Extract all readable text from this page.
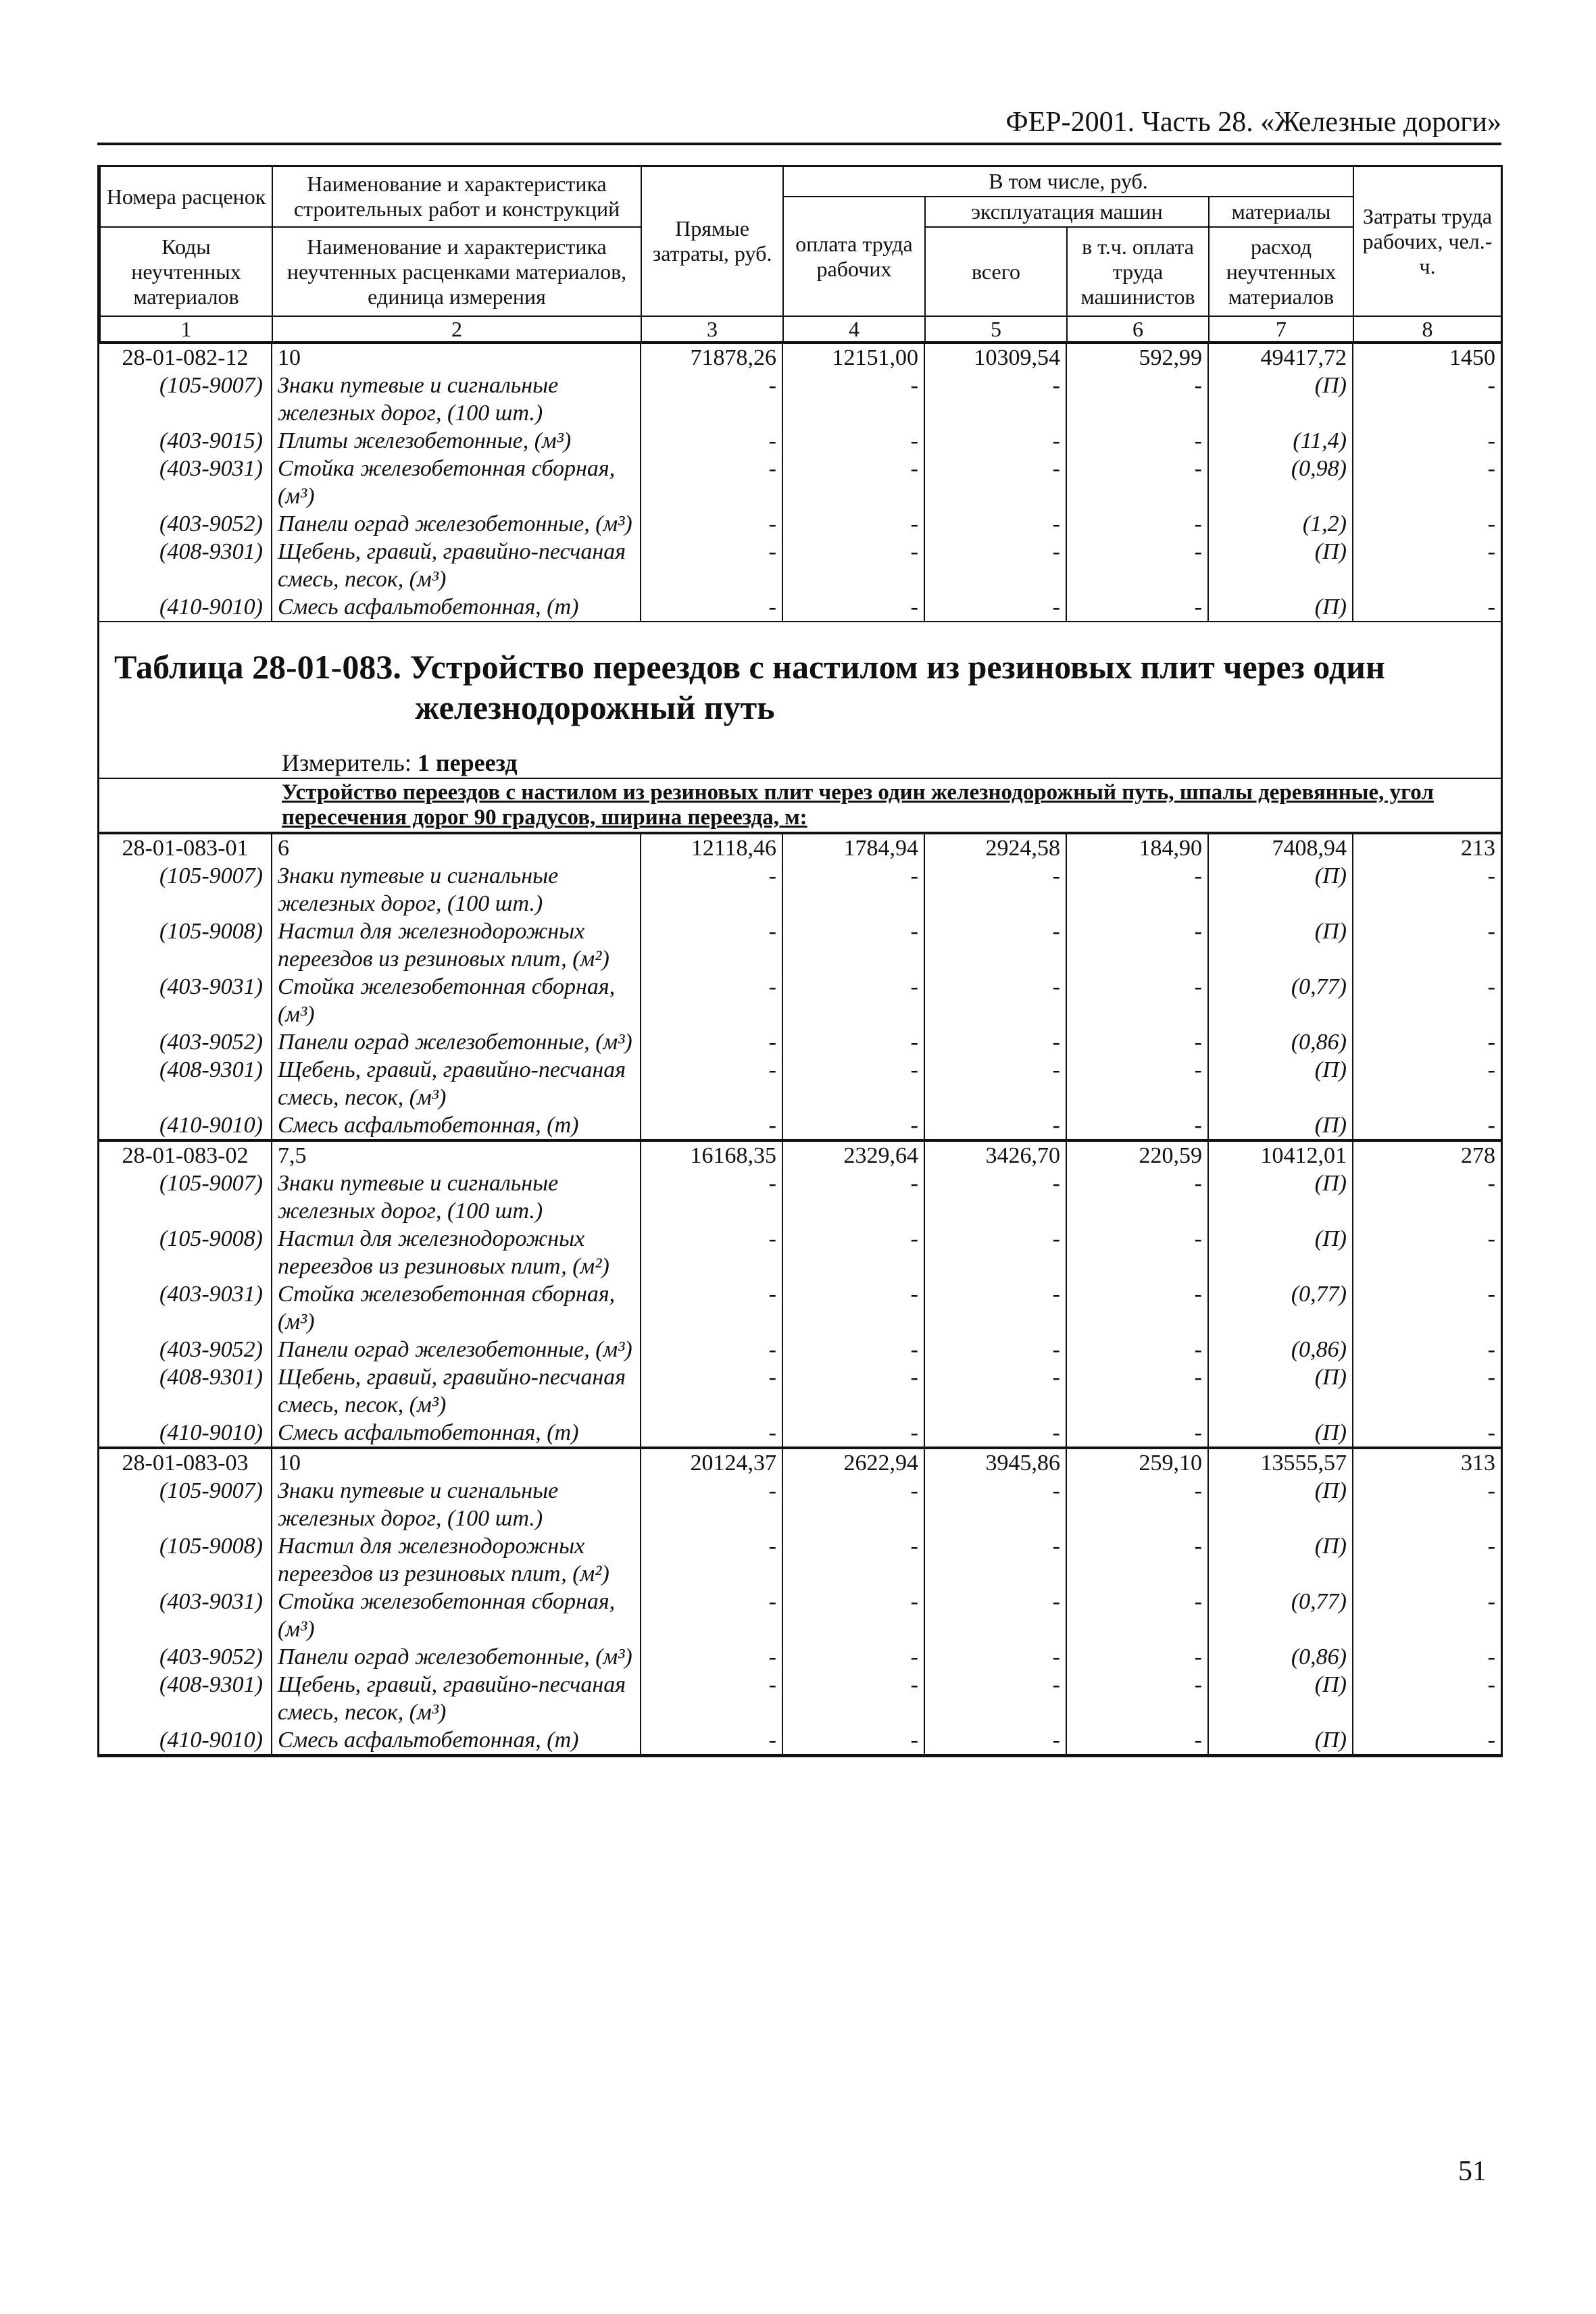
ФЕР-2001. Часть 28. «Железные дороги»
Номера расценок	Наименование и характеристика строительных работ и конструкций	Прямые затраты, руб.	В том числе, руб.				Затраты труда рабочих, чел.-ч.
			оплата труда рабочих	эксплуатация машин		материалы	
Коды неучтенных материалов	Наименование и характеристика неучтенных расценками материалов, единица измерения			всего	в т.ч. оплата труда машинистов	расход неучтенных материалов	

1	2	3	4	5	6	7	8
28-01-082-12	10	71878,26	12151,00	10309,54	592,99	49417,72	1450
(105-9007)	Знаки путевые и сигнальные железных дорог, (100 шт.)	-	-	-	-	(П)	-
(403-9015)	Плиты железобетонные, (м³)	-	-	-	-	(11,4)	-
(403-9031)	Стойка железобетонная сборная, (м³)	-	-	-	-	(0,98)	-
(403-9052)	Панели оград железобетонные, (м³)	-	-	-	-	(1,2)	-
(408-9301)	Щебень, гравий, гравийно-песчаная смесь, песок, (м³)	-	-	-	-	(П)	-
(410-9010)	Смесь асфальтобетонная, (т)	-	-	-	-	(П)	-
Таблица 28-01-083. Устройство переездов с настилом из резиновых плит через один
железнодорожный путь
Измеритель: 1 переезд
Устройство переездов с настилом из резиновых плит через один железнодорожный путь, шпалы деревянные, угол пересечения дорог 90 градусов, ширина переезда, м:
28-01-083-01	6	12118,46	1784,94	2924,58	184,90	7408,94	213
(105-9007)	Знаки путевые и сигнальные железных дорог, (100 шт.)	-	-	-	-	(П)	-
(105-9008)	Настил для железнодорожных переездов из резиновых плит, (м²)	-	-	-	-	(П)	-
(403-9031)	Стойка железобетонная сборная, (м³)	-	-	-	-	(0,77)	-
(403-9052)	Панели оград железобетонные, (м³)	-	-	-	-	(0,86)	-
(408-9301)	Щебень, гравий, гравийно-песчаная смесь, песок, (м³)	-	-	-	-	(П)	-
(410-9010)	Смесь асфальтобетонная, (т)	-	-	-	-	(П)	-
28-01-083-02	7,5	16168,35	2329,64	3426,70	220,59	10412,01	278
(105-9007)	Знаки путевые и сигнальные железных дорог, (100 шт.)	-	-	-	-	(П)	-
(105-9008)	Настил для железнодорожных переездов из резиновых плит, (м²)	-	-	-	-	(П)	-
(403-9031)	Стойка железобетонная сборная, (м³)	-	-	-	-	(0,77)	-
(403-9052)	Панели оград железобетонные, (м³)	-	-	-	-	(0,86)	-
(408-9301)	Щебень, гравий, гравийно-песчаная смесь, песок, (м³)	-	-	-	-	(П)	-
(410-9010)	Смесь асфальтобетонная, (т)	-	-	-	-	(П)	-
28-01-083-03	10	20124,37	2622,94	3945,86	259,10	13555,57	313
(105-9007)	Знаки путевые и сигнальные железных дорог, (100 шт.)	-	-	-	-	(П)	-
(105-9008)	Настил для железнодорожных переездов из резиновых плит, (м²)	-	-	-	-	(П)	-
(403-9031)	Стойка железобетонная сборная, (м³)	-	-	-	-	(0,77)	-
(403-9052)	Панели оград железобетонные, (м³)	-	-	-	-	(0,86)	-
(408-9301)	Щебень, гравий, гравийно-песчаная смесь, песок, (м³)	-	-	-	-	(П)	-
(410-9010)	Смесь асфальтобетонная, (т)	-	-	-	-	(П)	-
51
